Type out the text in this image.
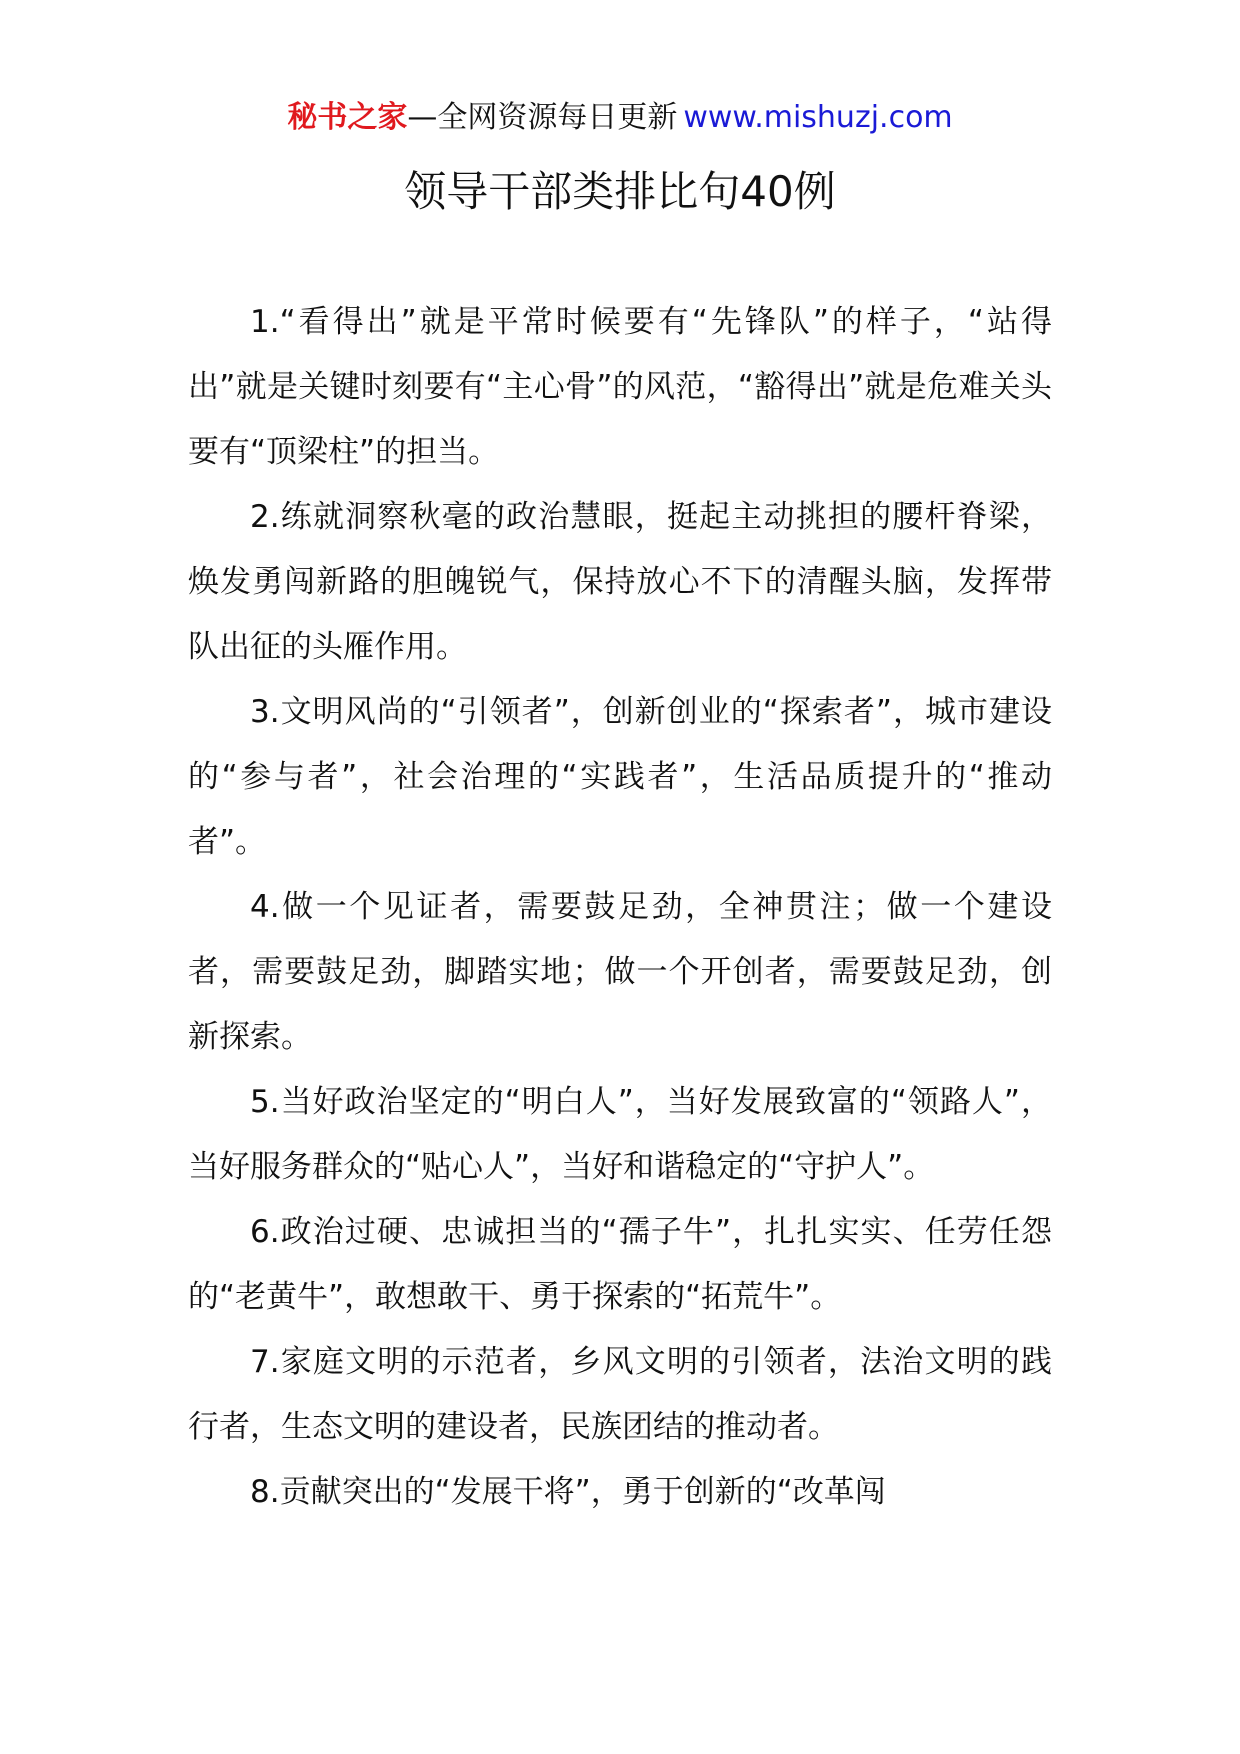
秘书之家—全网资源每日更新 www.mishuzj.com
领导干部类排比句40例

1.“看得出”就是平常时候要有“先锋队”的样子，“站得出”就是关键时刻要有“主心骨”的风范，“豁得出”就是危难关头要有“顶梁柱”的担当。

2.练就洞察秋毫的政治慧眼，挺起主动挑担的腰杆脊梁，焕发勇闯新路的胆魄锐气，保持放心不下的清醒头脑，发挥带队出征的头雁作用。

3.文明风尚的“引领者”，创新创业的“探索者”，城市建设的“参与者”，社会治理的“实践者”，生活品质提升的“推动者”。

4.做一个见证者，需要鼓足劲，全神贯注；做一个建设者，需要鼓足劲，脚踏实地；做一个开创者，需要鼓足劲，创新探索。

5.当好政治坚定的“明白人”，当好发展致富的“领路人”，当好服务群众的“贴心人”，当好和谐稳定的“守护人”。

6.政治过硬、忠诚担当的“孺子牛”，扎扎实实、任劳任怨的“老黄牛”，敢想敢干、勇于探索的“拓荒牛”。

7.家庭文明的示范者，乡风文明的引领者，法治文明的践行者，生态文明的建设者，民族团结的推动者。

8.贡献突出的“发展干将”，勇于创新的“改革闯
